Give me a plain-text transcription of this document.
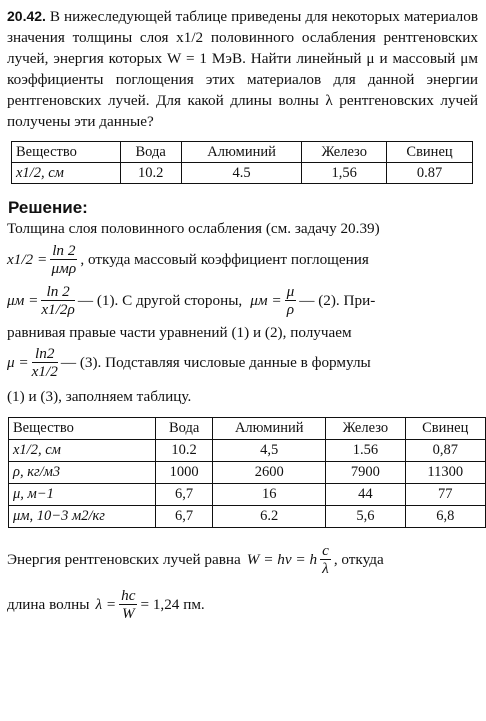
20.42. В нижеследующей таблице приведены для некоторых материалов значения толщины слоя x1/2 половинного ослабления рентгеновских лучей, энергия которых W = 1 МэВ. Найти линейный μ и массовый μм коэффициенты поглощения этих материалов для данной энергии рентгеновских лучей. Для какой длины волны λ рентгеновских лучей получены эти данные?

Вещество	Вода	Алюминий	Железо	Свинец
x1/2, см	10.2	4.5	1,56	0.87
Решение:

Толщина слоя половинного ослабления (см. задачу 20.39)

$x1/2 = \frac{\ln 2}{\text{μмρ}}$ , откуда массовый коэффициент поглощения
$\mu м = \frac{\ln 2}{x1/2\rho}$ — (1). С другой стороны, $\mu м = \frac{\mu}{\rho}$ — (2). При-

равнивая правые части уравнений (1) и (2), получаем

$\mu = \frac{\ln 2}{x1/2}$ — (3). Подставляя числовые данные в формулы

(1) и (3), заполняем таблицу.

Вещество	Вода	Алюминий	Железо	Свинец
x1/2, см	10.2	4,5	1.56	0,87
ρ, кг/м3	1000	2600	7900	11300
μ, м−1	6,7	16	44	77
μм, 10−3 м2/кг	6,7	6.2	5,6	6,8
Энергия рентгеновских лучей равна W = hν = h $\frac{c}{\lambda}$ , откуда
длина волны $\lambda = \frac{hc}{W} = 1,24$ пм.
